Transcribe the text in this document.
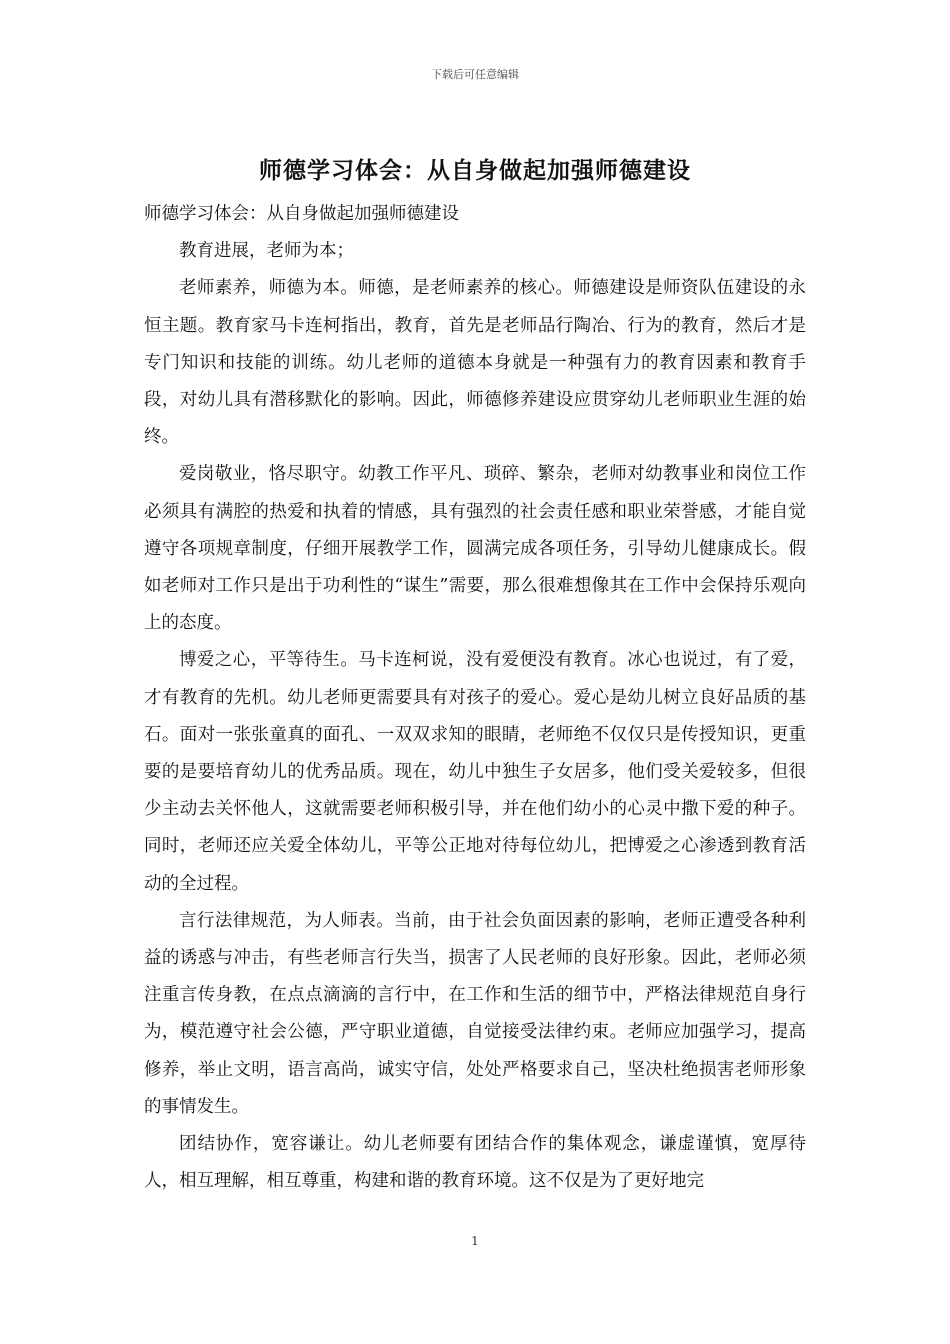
下载后可任意编辑
师德学习体会：从自身做起加强师德建设

师德学习体会：从自身做起加强师德建设

教育进展，老师为本；

老师素养，师德为本。师德，是老师素养的核心。师德建设是师资队伍建设的永恒主题。教育家马卡连柯指出，教育，首先是老师品行陶冶、行为的教育，然后才是专门知识和技能的训练。幼儿老师的道德本身就是一种强有力的教育因素和教育手段，对幼儿具有潜移默化的影响。因此，师德修养建设应贯穿幼儿老师职业生涯的始终。

爱岗敬业，恪尽职守。幼教工作平凡、琐碎、繁杂，老师对幼教事业和岗位工作必须具有满腔的热爱和执着的情感，具有强烈的社会责任感和职业荣誉感，才能自觉遵守各项规章制度，仔细开展教学工作，圆满完成各项任务，引导幼儿健康成长。假如老师对工作只是出于功利性的“谋生”需要，那么很难想像其在工作中会保持乐观向上的态度。

博爱之心，平等待生。马卡连柯说，没有爱便没有教育。冰心也说过，有了爱，才有教育的先机。幼儿老师更需要具有对孩子的爱心。爱心是幼儿树立良好品质的基石。面对一张张童真的面孔、一双双求知的眼睛，老师绝不仅仅只是传授知识，更重要的是要培育幼儿的优秀品质。现在，幼儿中独生子女居多，他们受关爱较多，但很少主动去关怀他人，这就需要老师积极引导，并在他们幼小的心灵中撒下爱的种子。同时，老师还应关爱全体幼儿，平等公正地对待每位幼儿，把博爱之心渗透到教育活动的全过程。

言行法律规范，为人师表。当前，由于社会负面因素的影响，老师正遭受各种利益的诱惑与冲击，有些老师言行失当，损害了人民老师的良好形象。因此，老师必须注重言传身教，在点点滴滴的言行中，在工作和生活的细节中，严格法律规范自身行为，模范遵守社会公德，严守职业道德，自觉接受法律约束。老师应加强学习，提高修养，举止文明，语言高尚，诚实守信，处处严格要求自己，坚决杜绝损害老师形象的事情发生。

团结协作，宽容谦让。幼儿老师要有团结合作的集体观念，谦虚谨慎，宽厚待人，相互理解，相互尊重，构建和谐的教育环境。这不仅是为了更好地完

1
